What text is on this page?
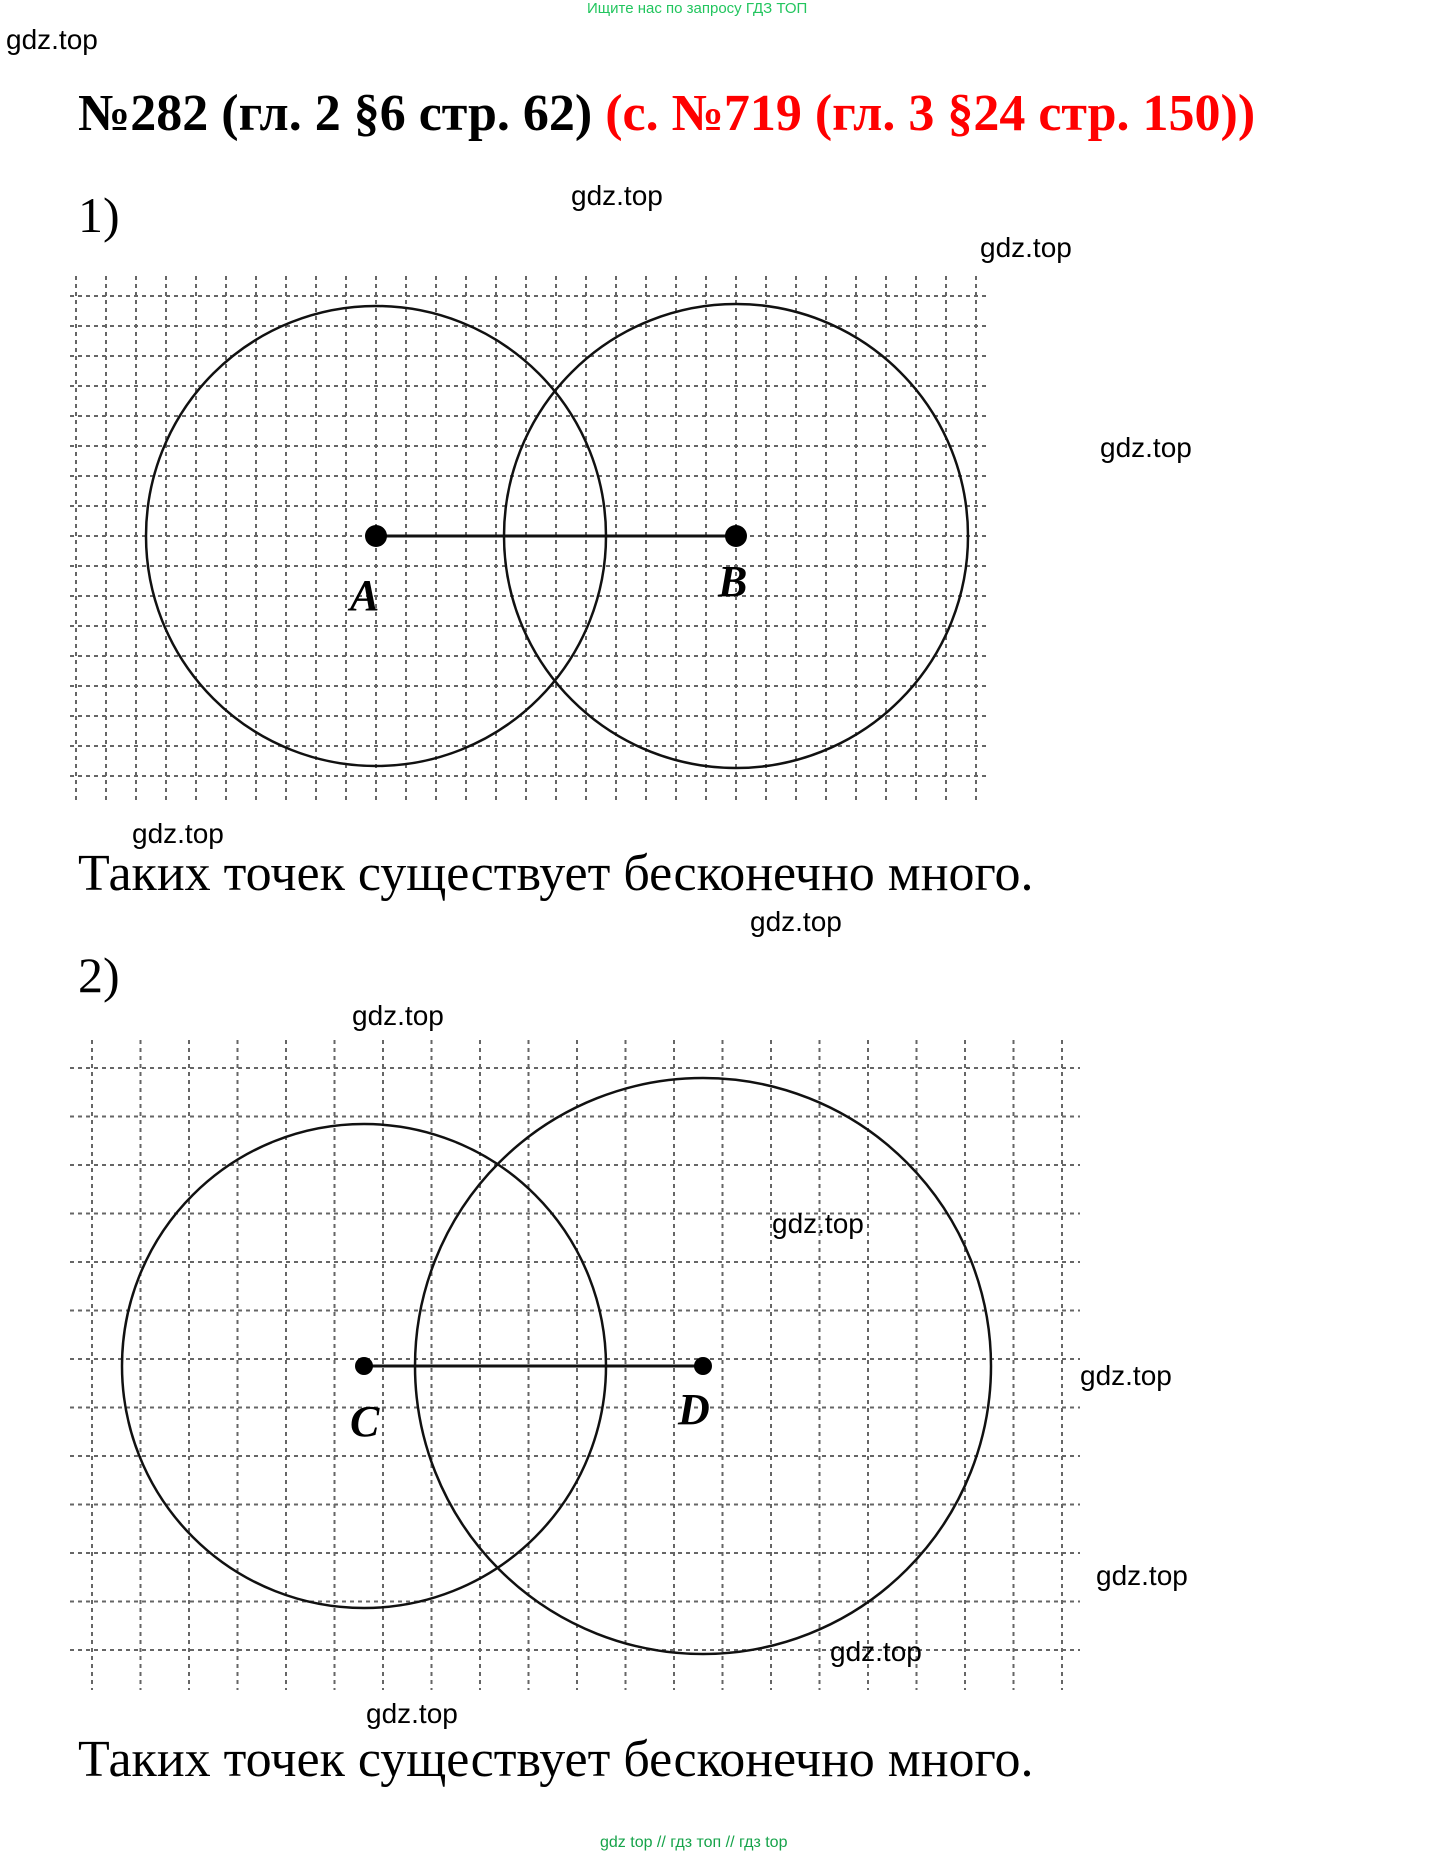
Ищите нас по запросу ГДЗ ТОП
gdz.top
№282 (гл. 2 §6 стр. 62) (с. №719 (гл. 3 §24 стр. 150))
1)	gdz.top
gdz.top
gdz.top
A	B
gdz.top
Таких точек существует бесконечно много.
gdz.top
2)
gdz.top
C	D
gdz.top
gdz.top
gdz.top
gdz.top
gdz.top
Таких точек существует бесконечно много.
gdz top // гдз топ // гдз top
